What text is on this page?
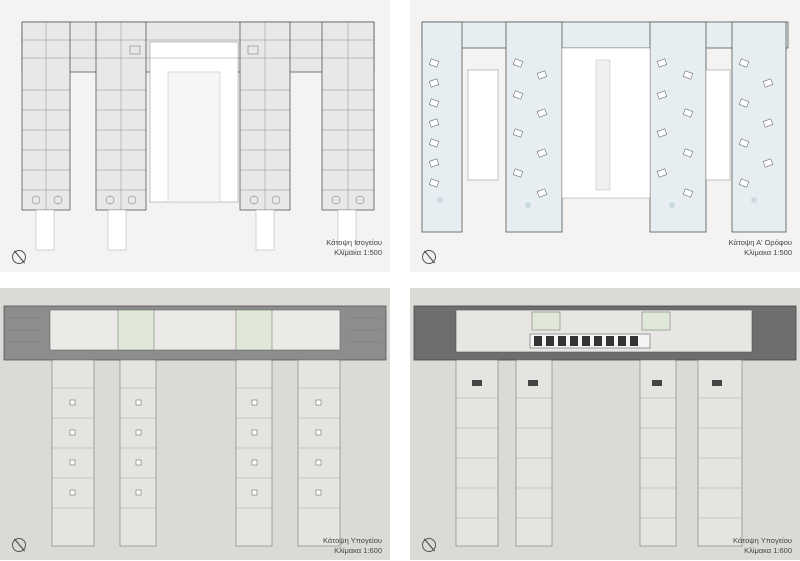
Κάτοψη Ισογείου
Κλίμακα 1:500
Κάτοψη Α' Ορόφου
Κλίμακα 1:500
Κάτοψη Υπογείου
Κλίμακα 1:600
Κάτοψη Υπογείου
Κλίμακα 1:600
